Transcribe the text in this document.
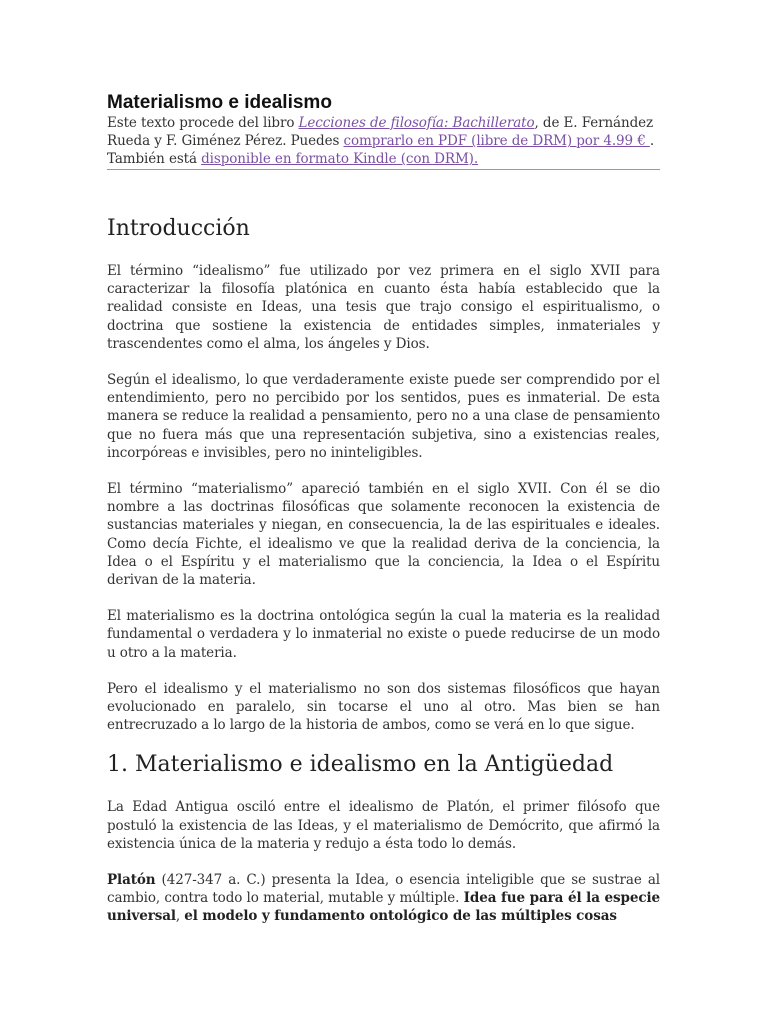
Materialismo e idealismo

Este texto procede del libro Lecciones de filosofía: Bachillerato, de E. Fernández Rueda y F. Giménez Pérez. Puedes comprarlo en PDF (libre de DRM) por 4.99 € . También está disponible en formato Kindle (con DRM).

Introducción

El término “idealismo” fue utilizado por vez primera en el siglo XVII para caracterizar la filosofía platónica en cuanto ésta había establecido que la realidad consiste en Ideas, una tesis que trajo consigo el espiritualismo, o doctrina que sostiene la existencia de entidades simples, inmateriales y trascendentes como el alma, los ángeles y Dios.

Según el idealismo, lo que verdaderamente existe puede ser comprendido por el entendimiento, pero no percibido por los sentidos, pues es inmaterial. De esta manera se reduce la realidad a pensamiento, pero no a una clase de pensamiento que no fuera más que una representación subjetiva, sino a existencias reales, incorpóreas e invisibles, pero no ininteligibles.

El término “materialismo” apareció también en el siglo XVII. Con él se dio nombre a las doctrinas filosóficas que solamente reconocen la existencia de sustancias materiales y niegan, en consecuencia, la de las espirituales e ideales. Como decía Fichte, el idealismo ve que la realidad deriva de la conciencia, la Idea o el Espíritu y el materialismo que la conciencia, la Idea o el Espíritu derivan de la materia.

El materialismo es la doctrina ontológica según la cual la materia es la realidad fundamental o verdadera y lo inmaterial no existe o puede reducirse de un modo u otro a la materia.

Pero el idealismo y el materialismo no son dos sistemas filosóficos que hayan evolucionado en paralelo, sin tocarse el uno al otro. Mas bien se han entrecruzado a lo largo de la historia de ambos, como se verá en lo que sigue.

1. Materialismo e idealismo en la Antigüedad

La Edad Antigua osciló entre el idealismo de Platón, el primer filósofo que postuló la existencia de las Ideas, y el materialismo de Demócrito, que afirmó la existencia única de la materia y redujo a ésta todo lo demás.

Platón (427-347 a. C.) presenta la Idea, o esencia inteligible que se sustrae al cambio, contra todo lo material, mutable y múltiple. Idea fue para él la especie universal, el modelo y fundamento ontológico de las múltiples cosas
